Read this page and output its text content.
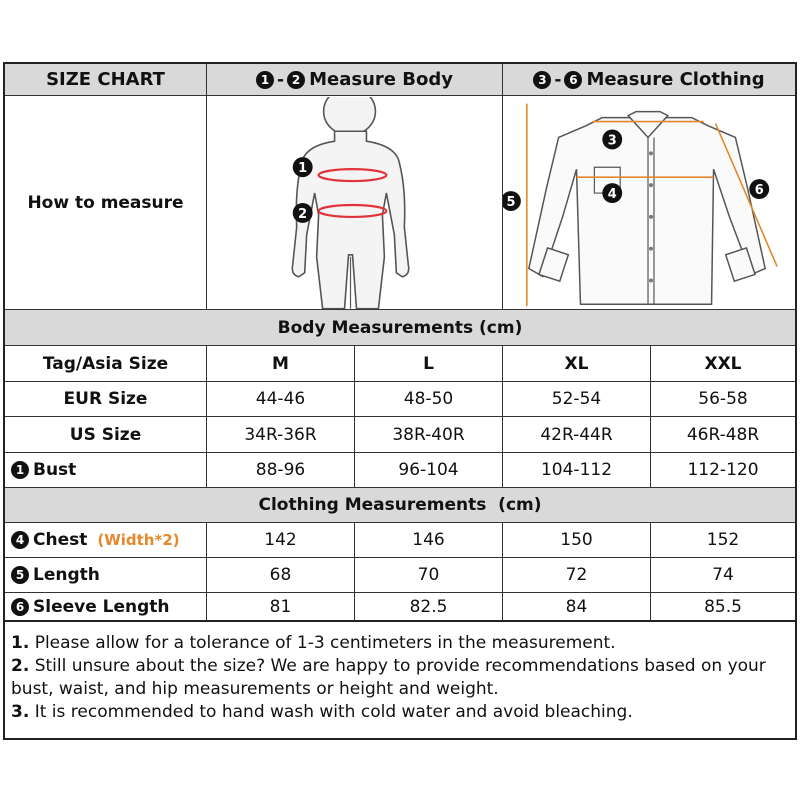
SIZE CHART	1 - 2 Measure Body	3 - 6 Measure Clothing
How to measure
1
2
3
4
5
6
Body Measurements (cm)
Tag/Asia Size	M	L	XL	XXL
EUR Size	44-46	48-50	52-54	56-58
US Size	34R-36R	38R-40R	42R-44R	46R-48R
1 Bust	88-96	96-104	104-112	112-120
Clothing Measurements  (cm)
4 Chest (Width*2)	142	146	150	152
5 Length	68	70	72	74
6 Sleeve Length	81	82.5	84	85.5

1. Please allow for a tolerance of 1-3 centimeters in the measurement.

2. Still unsure about the size? We are happy to provide recommendations based on your bust, waist, and hip measurements or height and weight.

3. It is recommended to hand wash with cold water and avoid bleaching.
